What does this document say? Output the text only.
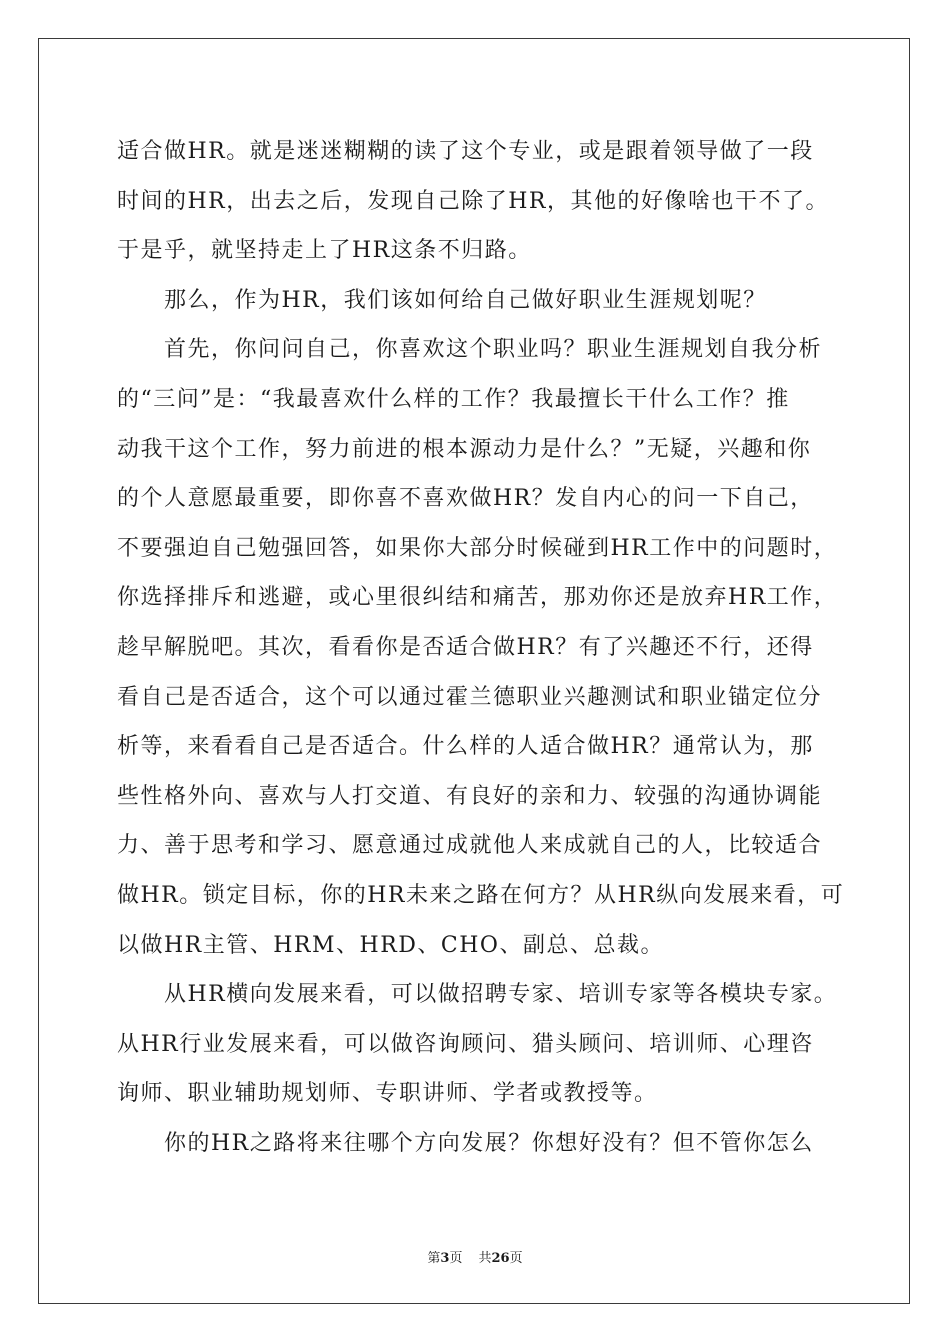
适合做HR。就是迷迷糊糊的读了这个专业，或是跟着领导做了一段
时间的HR，出去之后，发现自己除了HR，其他的好像啥也干不了。
于是乎，就坚持走上了HR这条不归路。
　　那么，作为HR，我们该如何给自己做好职业生涯规划呢？
　　首先，你问问自己，你喜欢这个职业吗？职业生涯规划自我分析
的“三问”是：“我最喜欢什么样的工作？我最擅长干什么工作？推
动我干这个工作，努力前进的根本源动力是什么？”无疑，兴趣和你
的个人意愿最重要，即你喜不喜欢做HR？发自内心的问一下自己，
不要强迫自己勉强回答，如果你大部分时候碰到HR工作中的问题时，
你选择排斥和逃避，或心里很纠结和痛苦，那劝你还是放弃HR工作，
趁早解脱吧。其次，看看你是否适合做HR？有了兴趣还不行，还得
看自己是否适合，这个可以通过霍兰德职业兴趣测试和职业锚定位分
析等，来看看自己是否适合。什么样的人适合做HR？通常认为，那
些性格外向、喜欢与人打交道、有良好的亲和力、较强的沟通协调能
力、善于思考和学习、愿意通过成就他人来成就自己的人，比较适合
做HR。锁定目标，你的HR未来之路在何方？从HR纵向发展来看，可
以做HR主管、HRM、HRD、CHO、副总、总裁。
　　从HR横向发展来看，可以做招聘专家、培训专家等各模块专家。
从HR行业发展来看，可以做咨询顾问、猎头顾问、培训师、心理咨
询师、职业辅助规划师、专职讲师、学者或教授等。
　　你的HR之路将来往哪个方向发展？你想好没有？但不管你怎么
第3页 共26页
